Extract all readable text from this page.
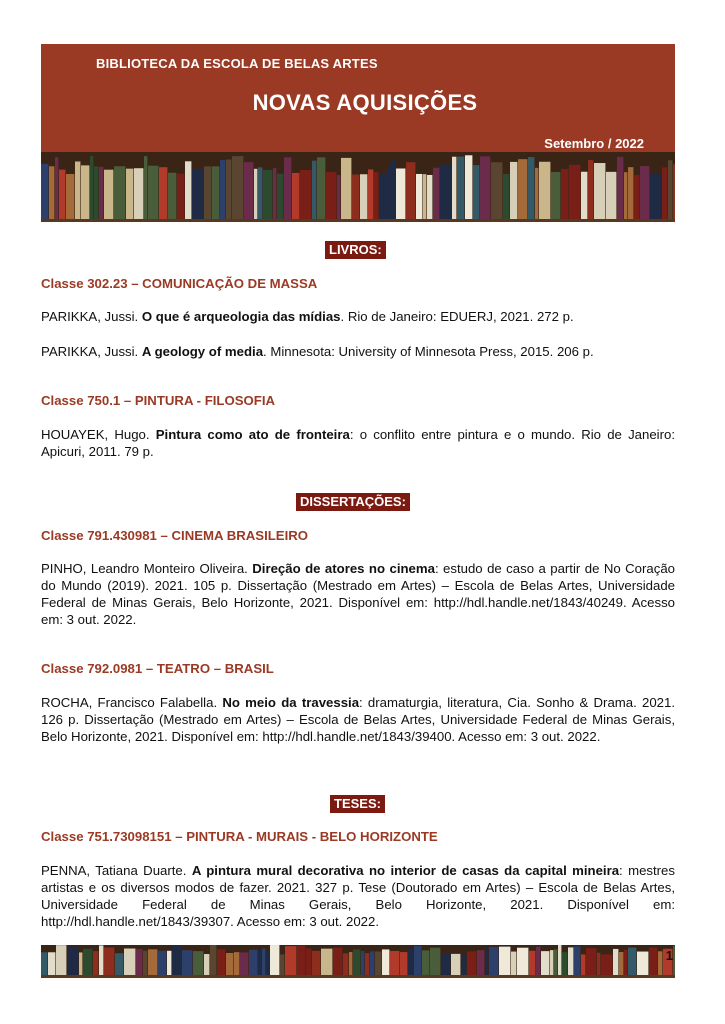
BIBLIOTECA DA ESCOLA DE BELAS ARTES
NOVAS AQUISIÇÕES
Setembro / 2022
LIVROS:
Classe 302.23 – COMUNICAÇÃO DE MASSA
PARIKKA, Jussi. O que é arqueologia das mídias. Rio de Janeiro: EDUERJ, 2021. 272 p.
PARIKKA, Jussi. A geology of media. Minnesota: University of Minnesota Press, 2015. 206 p.
Classe 750.1 – PINTURA - FILOSOFIA
HOUAYEK, Hugo. Pintura como ato de fronteira: o conflito entre pintura e o mundo. Rio de Janeiro: Apicuri, 2011. 79 p.
DISSERTAÇÕES:
Classe 791.430981 – CINEMA BRASILEIRO
PINHO, Leandro Monteiro Oliveira. Direção de atores no cinema: estudo de caso a partir de No Coração do Mundo (2019). 2021. 105 p. Dissertação (Mestrado em Artes) – Escola de Belas Artes, Universidade Federal de Minas Gerais, Belo Horizonte, 2021. Disponível em: http://hdl.handle.net/1843/40249. Acesso em: 3 out. 2022.
Classe 792.0981 – TEATRO – BRASIL
ROCHA, Francisco Falabella. No meio da travessia: dramaturgia, literatura, Cia. Sonho & Drama. 2021. 126 p. Dissertação (Mestrado em Artes) – Escola de Belas Artes, Universidade Federal de Minas Gerais, Belo Horizonte, 2021. Disponível em: http://hdl.handle.net/1843/39400. Acesso em: 3 out. 2022.
TESES:
Classe 751.73098151 – PINTURA - MURAIS - BELO HORIZONTE
PENNA, Tatiana Duarte. A pintura mural decorativa no interior de casas da capital mineira: mestres artistas e os diversos modos de fazer. 2021. 327 p. Tese (Doutorado em Artes) – Escola de Belas Artes, Universidade Federal de Minas Gerais, Belo Horizonte, 2021. Disponível em: http://hdl.handle.net/1843/39307. Acesso em: 3 out. 2022.
1
